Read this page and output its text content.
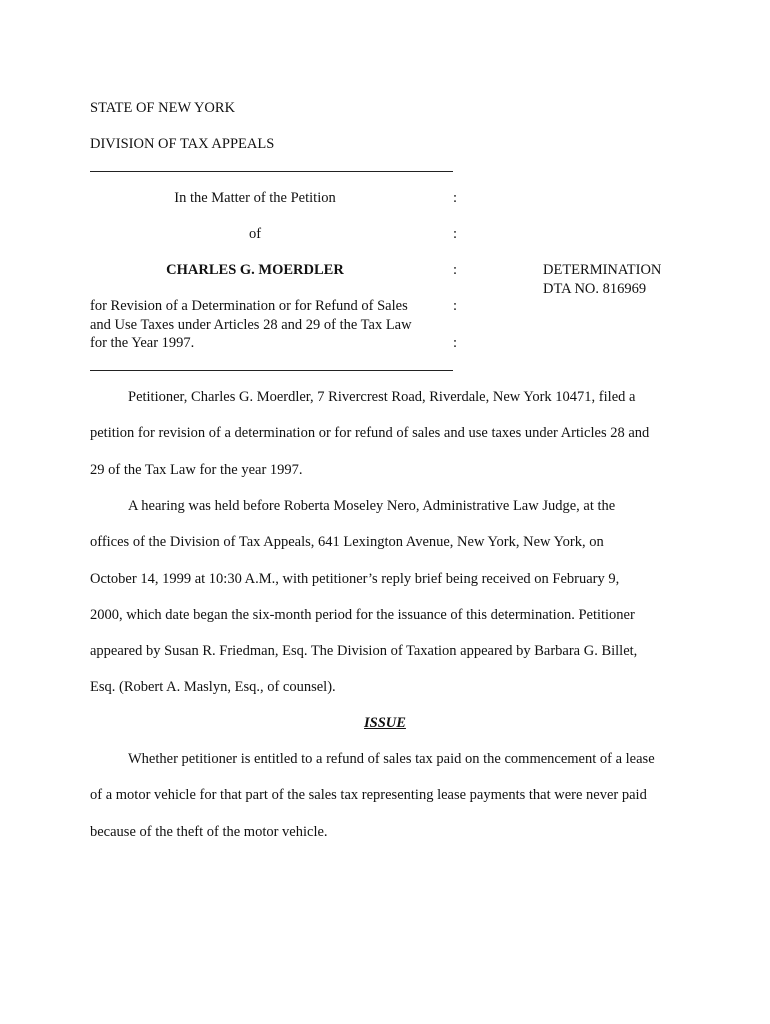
STATE OF NEW YORK
DIVISION OF TAX APPEALS
In the Matter of the Petition	:
of	:
CHARLES G. MOERDLER	:
for Revision of a Determination or for Refund of Sales	:
and Use Taxes under Articles 28 and 29 of the Tax Law
for the Year 1997.	:
DETERMINATION
DTA NO. 816969
Petitioner, Charles G. Moerdler, 7 Rivercrest Road, Riverdale, New York 10471, filed a
petition for revision of a determination or for refund of sales and use taxes under Articles 28 and
29 of the Tax Law for the year 1997.
A hearing was held before Roberta Moseley Nero, Administrative Law Judge, at the
offices of the Division of Tax Appeals, 641 Lexington Avenue, New York, New York, on
October 14, 1999 at 10:30 A.M., with petitioner’s reply brief being received on February 9,
2000, which date began the six-month period for the issuance of this determination. Petitioner
appeared by Susan R. Friedman, Esq. The Division of Taxation appeared by Barbara G. Billet,
Esq. (Robert A. Maslyn, Esq., of counsel).
ISSUE
Whether petitioner is entitled to a refund of sales tax paid on the commencement of a lease
of a motor vehicle for that part of the sales tax representing lease payments that were never paid
because of the theft of the motor vehicle.
